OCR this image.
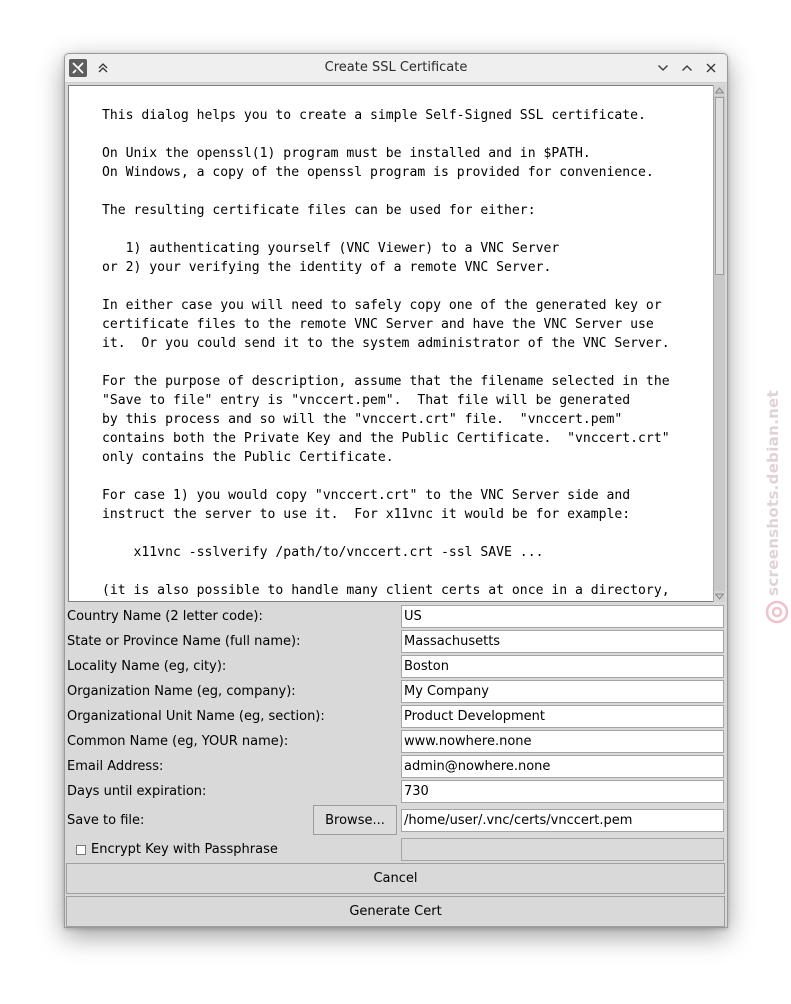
Create SSL Certificate
This dialog helps you to create a simple Self-Signed SSL certificate.

On Unix the openssl(1) program must be installed and in $PATH.
On Windows, a copy of the openssl program is provided for convenience.

The resulting certificate files can be used for either:

1) authenticating yourself (VNC Viewer) to a VNC Server
or 2) your verifying the identity of a remote VNC Server.

In either case you will need to safely copy one of the generated key or
certificate files to the remote VNC Server and have the VNC Server use
it.  Or you could send it to the system administrator of the VNC Server.

For the purpose of description, assume that the filename selected in the
"Save to file" entry is "vnccert.pem".  That file will be generated
by this process and so will the "vnccert.crt" file.  "vnccert.pem"
contains both the Private Key and the Public Certificate.  "vnccert.crt"
only contains the Public Certificate.

For case 1) you would copy "vnccert.crt" to the VNC Server side and
instruct the server to use it.  For x11vnc it would be for example:

x11vnc -sslverify /path/to/vnccert.crt -ssl SAVE ...

(it is also possible to handle many client certs at once in a directory,
Country Name (2 letter code):
US
State or Province Name (full name):
Massachusetts
Locality Name (eg, city):
Boston
Organization Name (eg, company):
My Company
Organizational Unit Name (eg, section):
Product Development
Common Name (eg, YOUR name):
www.nowhere.none
Email Address:
admin@nowhere.none
Days until expiration:
730
Save to file:	Browse...
/home/user/.vnc/certs/vnccert.pem
Encrypt Key with Passphrase
Cancel
Generate Cert
screenshots.debian.net
